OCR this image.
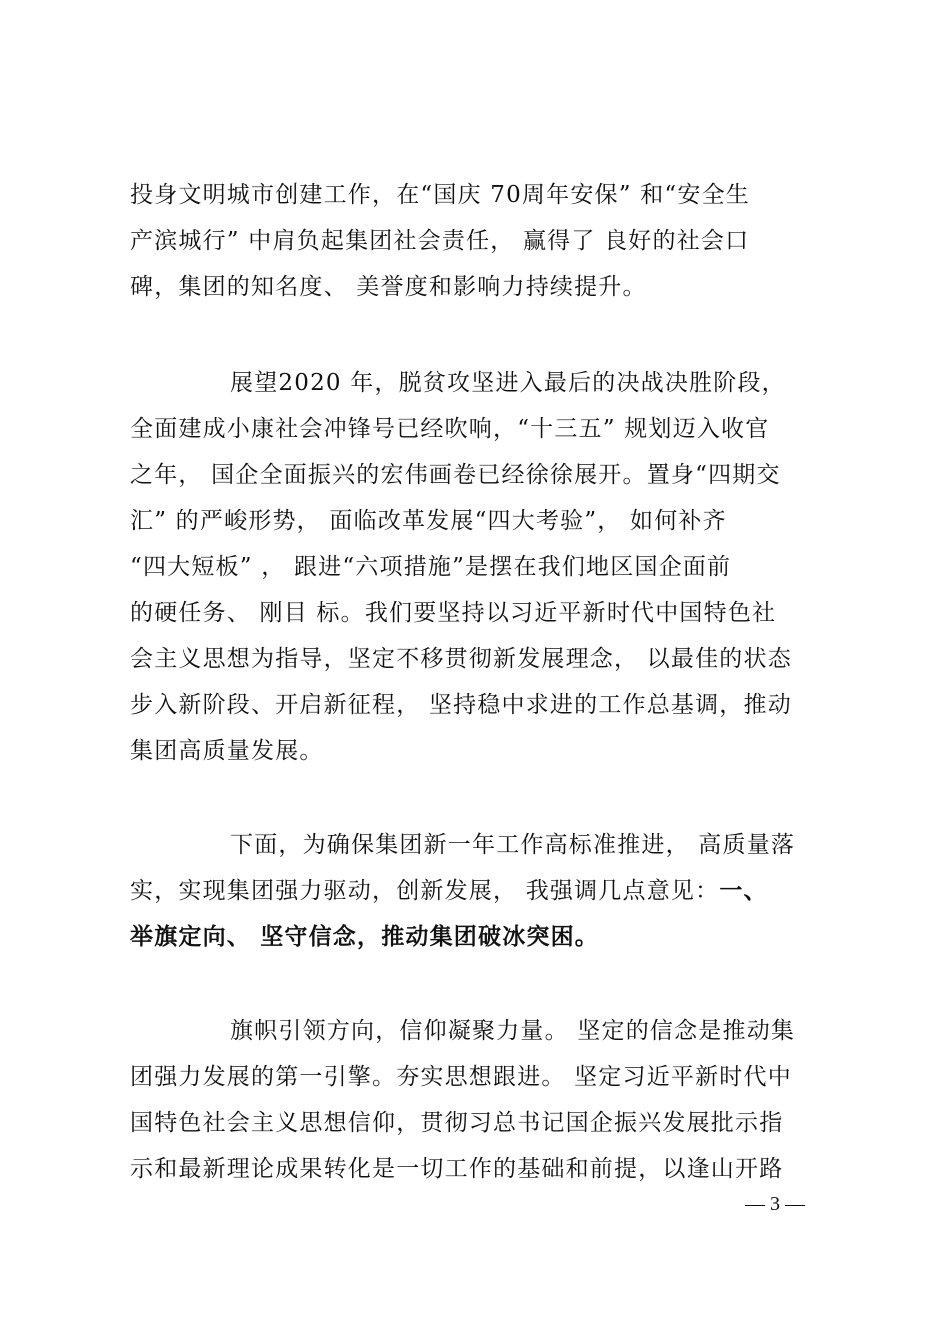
投身文明城市创建工作，在“国庆 70周年安保” 和“安全生
产滨城行” 中肩负起集团社会责任， 赢得了 良好的社会口
碑，集团的知名度、 美誉度和影响力持续提升。
展望2020 年，脱贫攻坚进入最后的决战决胜阶段，
全面建成小康社会冲锋号已经吹响，“十三五” 规划迈入收官
之年， 国企全面振兴的宏伟画卷已经徐徐展开。置身“四期交
汇” 的严峻形势， 面临改革发展“四大考验”， 如何补齐
“四大短板” ， 跟进“六项措施”是摆在我们地区国企面前
的硬任务、 刚目 标。我们要坚持以习近平新时代中国特色社
会主义思想为指导，坚定不移贯彻新发展理念， 以最佳的状态
步入新阶段、开启新征程， 坚持稳中求进的工作总基调，推动
集团高质量发展。
下面，为确保集团新一年工作高标准推进， 高质量落
实，实现集团强力驱动，创新发展， 我强调几点意见：一、
举旗定向、 坚守信念，推动集团破冰突困。
旗帜引领方向，信仰凝聚力量。 坚定的信念是推动集
团强力发展的第一引擎。夯实思想跟进。 坚定习近平新时代中
国特色社会主义思想信仰，贯彻习总书记国企振兴发展批示指
示和最新理论成果转化是一切工作的基础和前提，以逢山开路
— 3 —
